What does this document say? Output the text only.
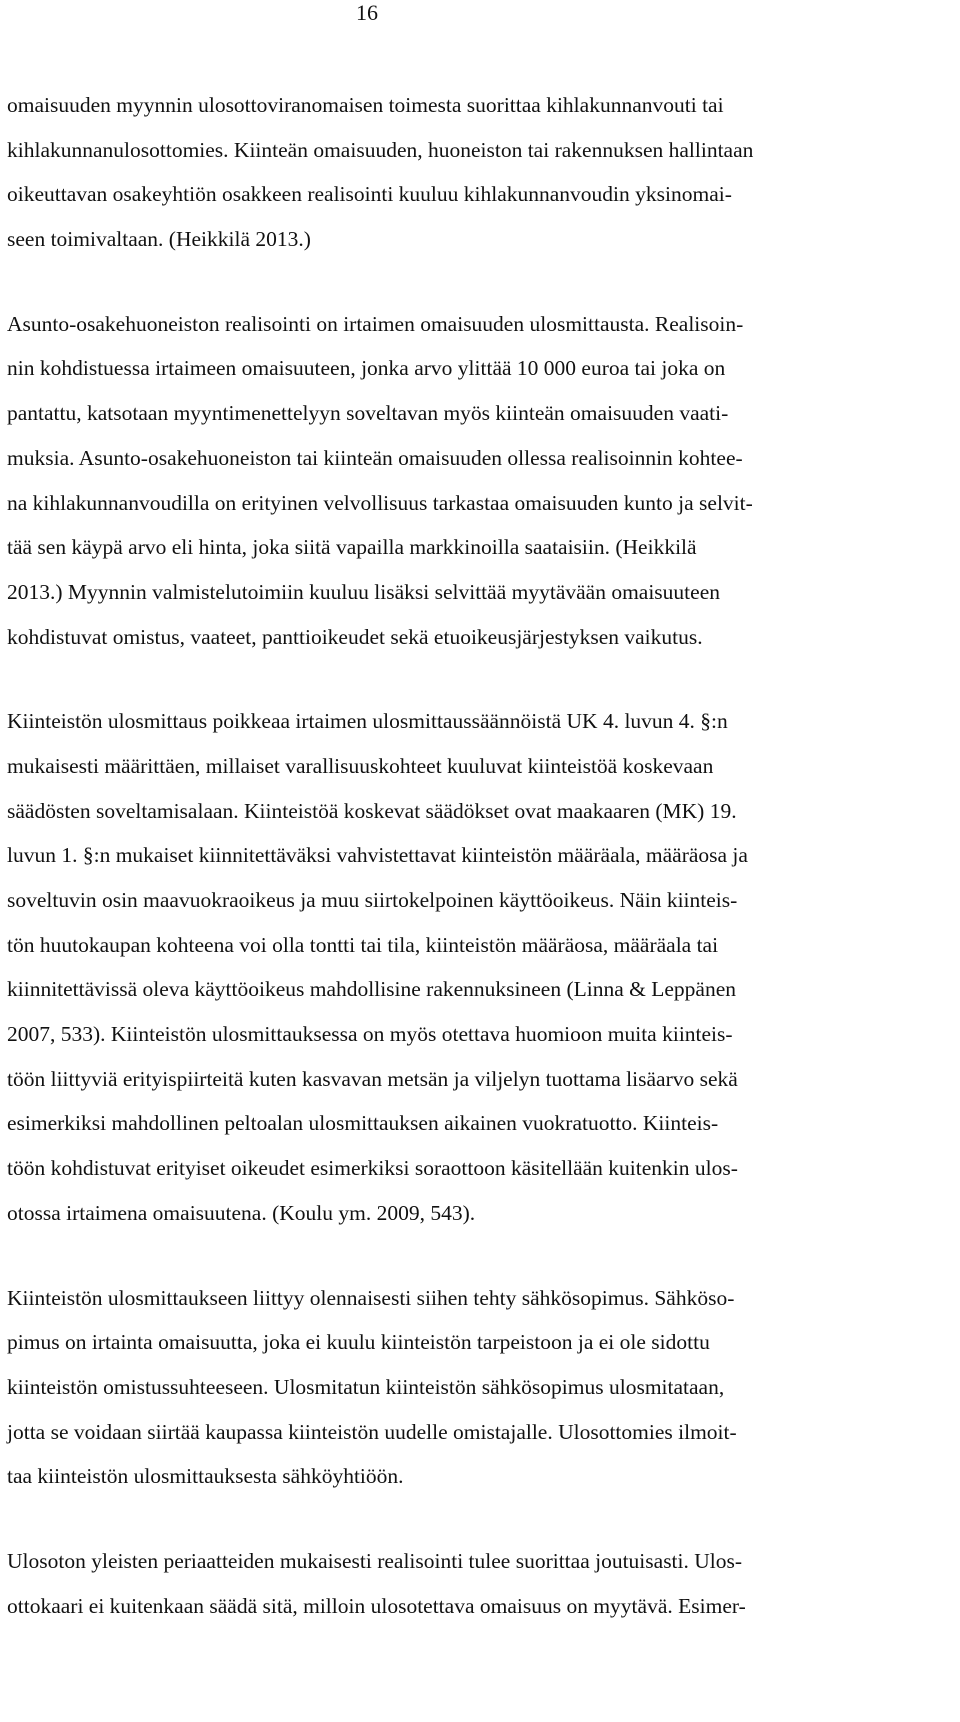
16
omaisuuden myynnin ulosottoviranomaisen toimesta suorittaa kihlakunnanvouti tai
kihlakunnanulosottomies. Kiinteän omaisuuden, huoneiston tai rakennuksen hallintaan
oikeuttavan osakeyhtiön osakkeen realisointi kuuluu kihlakunnanvoudin yksinomai-
seen toimivaltaan. (Heikkilä 2013.)
Asunto-osakehuoneiston realisointi on irtaimen omaisuuden ulosmittausta. Realisoin-
nin kohdistuessa irtaimeen omaisuuteen, jonka arvo ylittää 10 000 euroa tai joka on
pantattu, katsotaan myyntimenettelyyn soveltavan myös kiinteän omaisuuden vaati-
muksia. Asunto-osakehuoneiston tai kiinteän omaisuuden ollessa realisoinnin kohtee-
na kihlakunnanvoudilla on erityinen velvollisuus tarkastaa omaisuuden kunto ja selvit-
tää sen käypä arvo eli hinta, joka siitä vapailla markkinoilla saataisiin. (Heikkilä
2013.) Myynnin valmistelutoimiin kuuluu lisäksi selvittää myytävään omaisuuteen
kohdistuvat omistus, vaateet, panttioikeudet sekä etuoikeusjärjestyksen vaikutus.
Kiinteistön ulosmittaus poikkeaa irtaimen ulosmittaussäännöistä UK 4. luvun 4. §:n
mukaisesti määrittäen, millaiset varallisuuskohteet kuuluvat kiinteistöä koskevaan
säädösten soveltamisalaan. Kiinteistöä koskevat säädökset ovat maakaaren (MK) 19.
luvun 1. §:n mukaiset kiinnitettäväksi vahvistettavat kiinteistön määräala, määräosa ja
soveltuvin osin maavuokraoikeus ja muu siirtokelpoinen käyttöoikeus. Näin kiinteis-
tön huutokaupan kohteena voi olla tontti tai tila, kiinteistön määräosa, määräala tai
kiinnitettävissä oleva käyttöoikeus mahdollisine rakennuksineen (Linna & Leppänen
2007, 533). Kiinteistön ulosmittauksessa on myös otettava huomioon muita kiinteis-
töön liittyviä erityispiirteitä kuten kasvavan metsän ja viljelyn tuottama lisäarvo sekä
esimerkiksi mahdollinen peltoalan ulosmittauksen aikainen vuokratuotto. Kiinteis-
töön kohdistuvat erityiset oikeudet esimerkiksi soraottoon käsitellään kuitenkin ulos-
otossa irtaimena omaisuutena. (Koulu ym. 2009, 543).
Kiinteistön ulosmittaukseen liittyy olennaisesti siihen tehty sähkösopimus. Sähköso-
pimus on irtainta omaisuutta, joka ei kuulu kiinteistön tarpeistoon ja ei ole sidottu
kiinteistön omistussuhteeseen. Ulosmitatun kiinteistön sähkösopimus ulosmitataan,
jotta se voidaan siirtää kaupassa kiinteistön uudelle omistajalle. Ulosottomies ilmoit-
taa kiinteistön ulosmittauksesta sähköyhtiöön.
Ulosoton yleisten periaatteiden mukaisesti realisointi tulee suorittaa joutuisasti. Ulos-
ottokaari ei kuitenkaan säädä sitä, milloin ulosotettava omaisuus on myytävä. Esimer-
